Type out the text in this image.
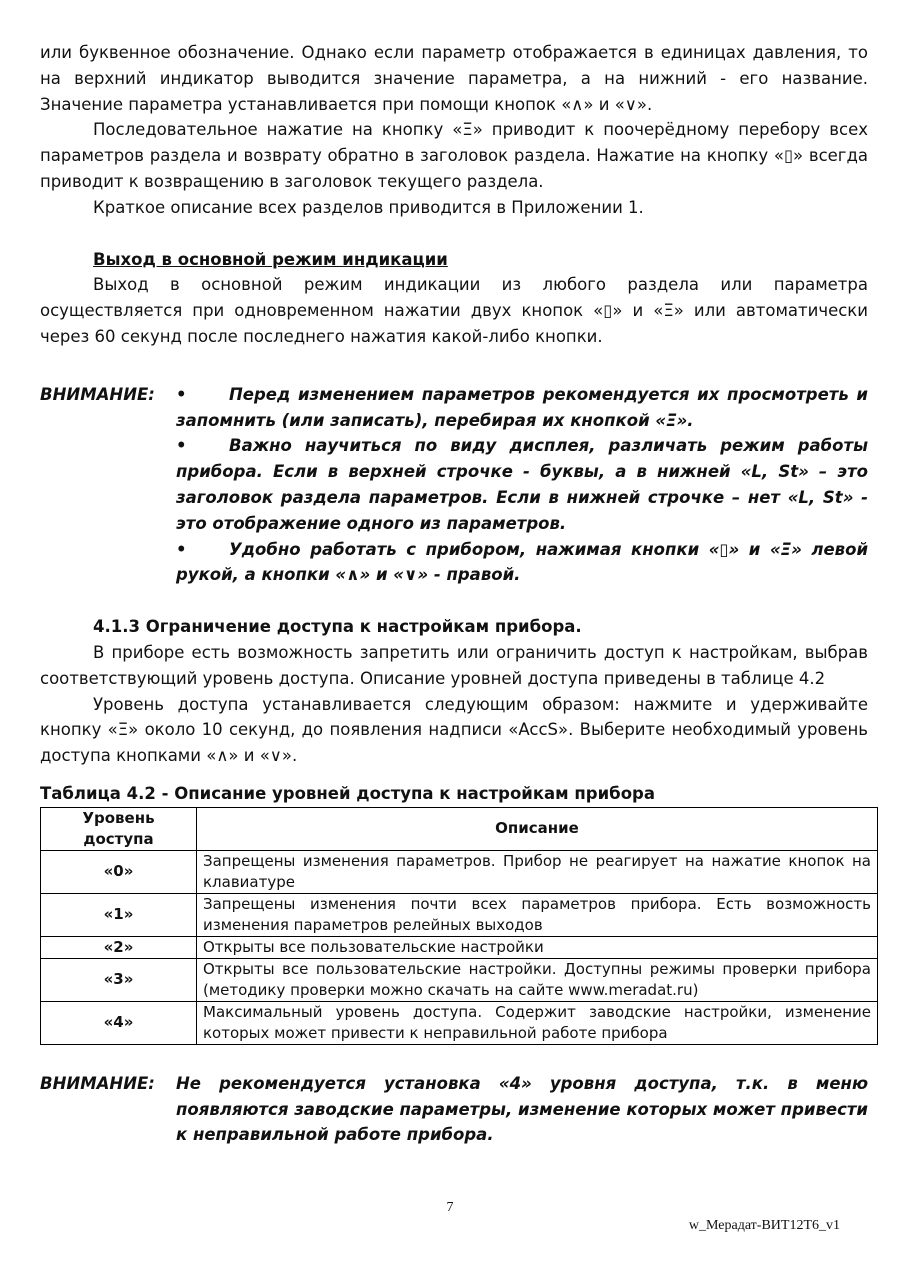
или буквенное обозначение. Однако если параметр отображается в единицах давления, то на верхний индикатор выводится значение параметра, а на нижний - его название. Значение параметра устанавливается при помощи кнопок «∧» и «∨».

Последовательное нажатие на кнопку «Ξ» приводит к поочерёдному перебору всех параметров раздела и возврату обратно в заголовок раздела. Нажатие на кнопку «▯» всегда приводит к возвращению в заголовок текущего раздела.

Краткое описание всех разделов приводится в Приложении 1.

Выход в основной режим индикации

Выход в основной режим индикации из любого раздела или параметра осуществляется при одновременном нажатии двух кнопок «▯» и «Ξ» или автоматически через 60 секунд после последнего нажатия какой-либо кнопки.

ВНИМАНИЕ:	•	Перед изменением параметров рекомендуется их просмотреть и запомнить (или записать), перебирая их кнопкой «Ξ».

•	Важно научиться по виду дисплея, различать режим работы прибора. Если в верхней строчке - буквы, а в нижней «L, St» – это заголовок раздела параметров. Если в нижней строчке – нет «L, St» - это отображение одного из параметров.

•	Удобно работать с прибором, нажимая кнопки «▯» и «Ξ» левой рукой, а кнопки «∧» и «∨» - правой.

4.1.3 Ограничение доступа к настройкам прибора.

В приборе есть возможность запретить или ограничить доступ к настройкам, выбрав соответствующий уровень доступа. Описание уровней доступа приведены в таблице 4.2

Уровень доступа устанавливается следующим образом: нажмите и удерживайте кнопку «Ξ» около 10 секунд, до появления надписи «AccS». Выберите необходимый уровень доступа кнопками «∧» и «∨».

Таблица 4.2 - Описание уровней доступа к настройкам прибора

Уровень доступа	Описание
«0»	Запрещены изменения параметров. Прибор не реагирует на нажатие кнопок на клавиатуре
«1»	Запрещены изменения почти всех параметров прибора. Есть возможность изменения параметров релейных выходов
«2»	Открыты все пользовательские настройки
«3»	Открыты все пользовательские настройки. Доступны режимы проверки прибора (методику проверки можно скачать на сайте www.meradat.ru)
«4»	Максимальный уровень доступа. Содержит заводские настройки, изменение которых может привести к неправильной работе прибора
ВНИМАНИЕ:	Не рекомендуется установка «4» уровня доступа, т.к. в меню появляются заводские параметры, изменение которых может привести к неправильной работе прибора.

7
w_Мерадат-ВИТ12Т6_v1
